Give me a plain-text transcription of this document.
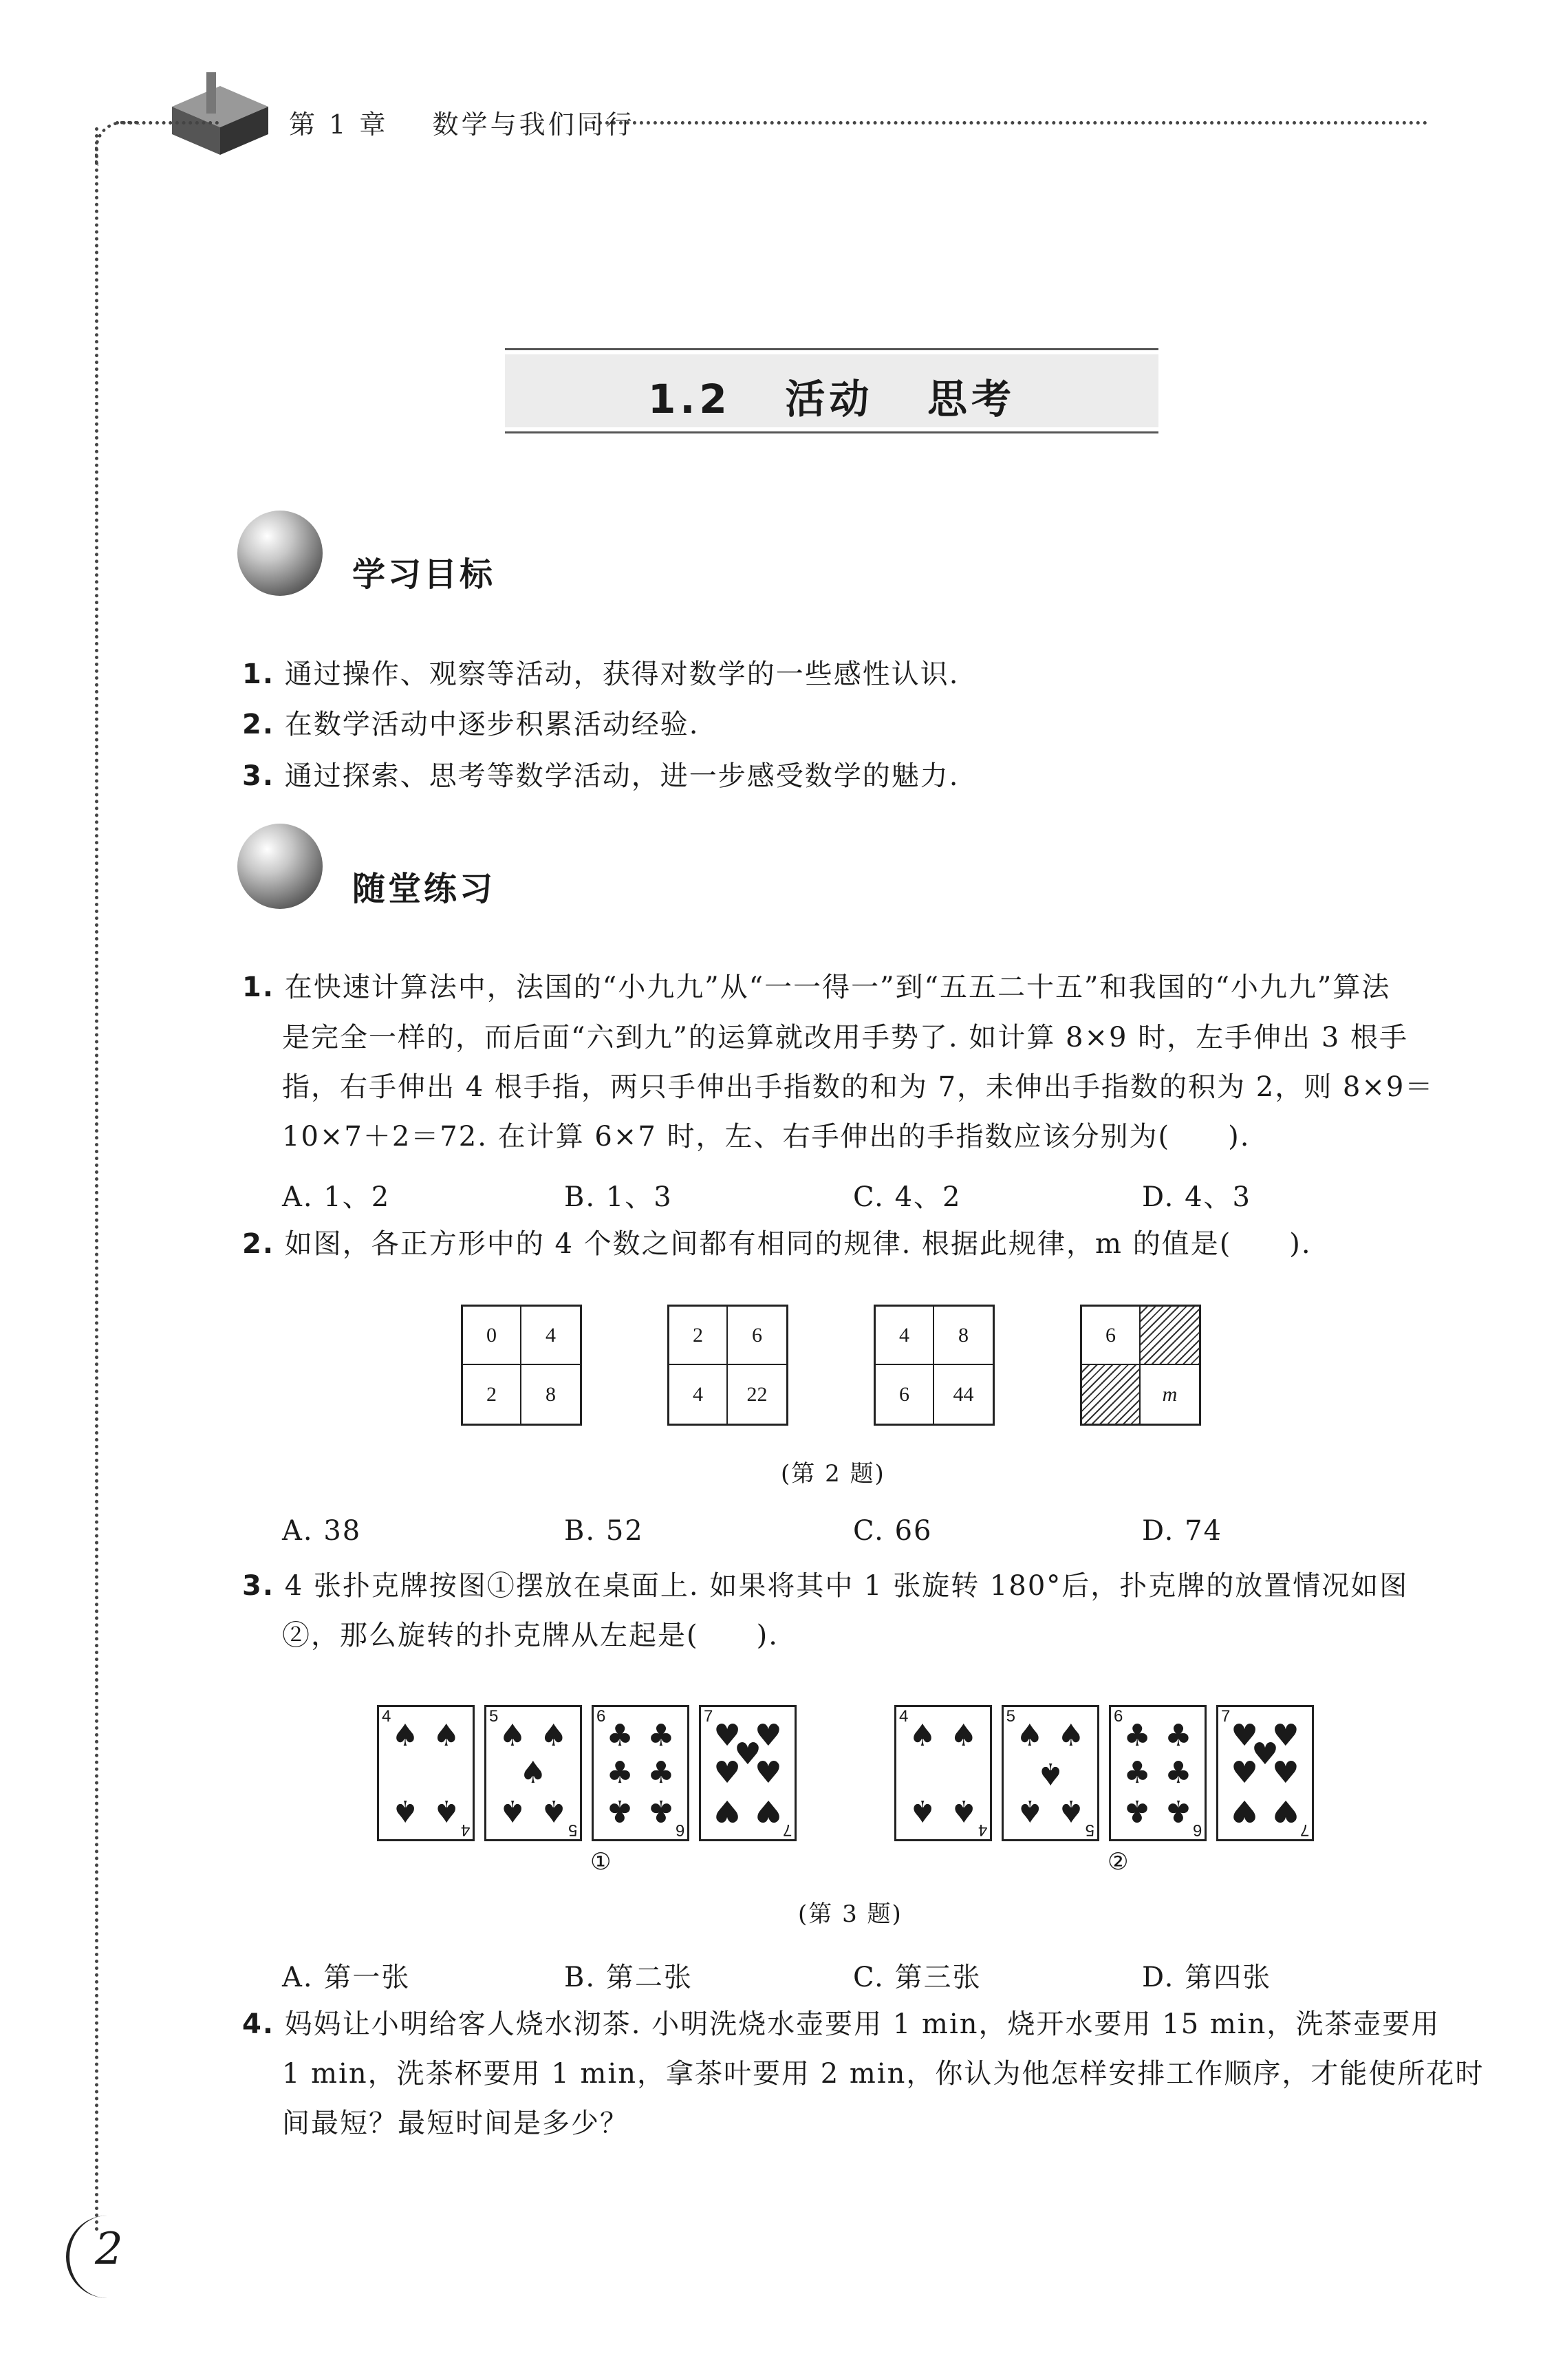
第 1 章    数学与我们同行
1.2   活动   思考
学习目标
1. 通过操作、观察等活动，获得对数学的一些感性认识.
2. 在数学活动中逐步积累活动经验.
3. 通过探索、思考等数学活动，进一步感受数学的魅力.
随堂练习
1. 在快速计算法中，法国的“小九九”从“一一得一”到“五五二十五”和我国的“小九九”算法
是完全一样的，而后面“六到九”的运算就改用手势了. 如计算 8×9 时，左手伸出 3 根手
指，右手伸出 4 根手指，两只手伸出手指数的和为 7，未伸出手指数的积为 2，则 8×9＝
10×7＋2＝72. 在计算 6×7 时，左、右手伸出的手指数应该分别为(　　).
A. 1、2	B. 1、3	C. 4、2	D. 4、3
2. 如图，各正方形中的 4 个数之间都有相同的规律. 根据此规律，m 的值是(　　).
0	4
2	8
2	6
4	22
4	8
6	44
6
m
(第 2 题)
A. 38	B. 52	C. 66	D. 74
3. 4 张扑克牌按图①摆放在桌面上. 如果将其中 1 张旋转 180°后，扑克牌的放置情况如图
②，那么旋转的扑克牌从左起是(　　).
4
4
♠ ♠
♠ ♠
5
5
♠ ♠
♠
♠ ♠
6
6
♣ ♣
♣ ♣
♣ ♣
7
7
♥ ♥
♥
♥ ♥
♥ ♥
4
4
♠ ♠
♠ ♠
5
5
♠
♠
♠
♠
♠
6
6
♣ ♣
♣ ♣
♣ ♣
7
7
♥ ♥
♥
♥ ♥
♥ ♥
①	②
(第 3 题)
A. 第一张	B. 第二张	C. 第三张	D. 第四张
4. 妈妈让小明给客人烧水沏茶. 小明洗烧水壶要用 1 min，烧开水要用 15 min，洗茶壶要用
1 min，洗茶杯要用 1 min，拿茶叶要用 2 min，你认为他怎样安排工作顺序，才能使所花时
间最短？最短时间是多少？
2
